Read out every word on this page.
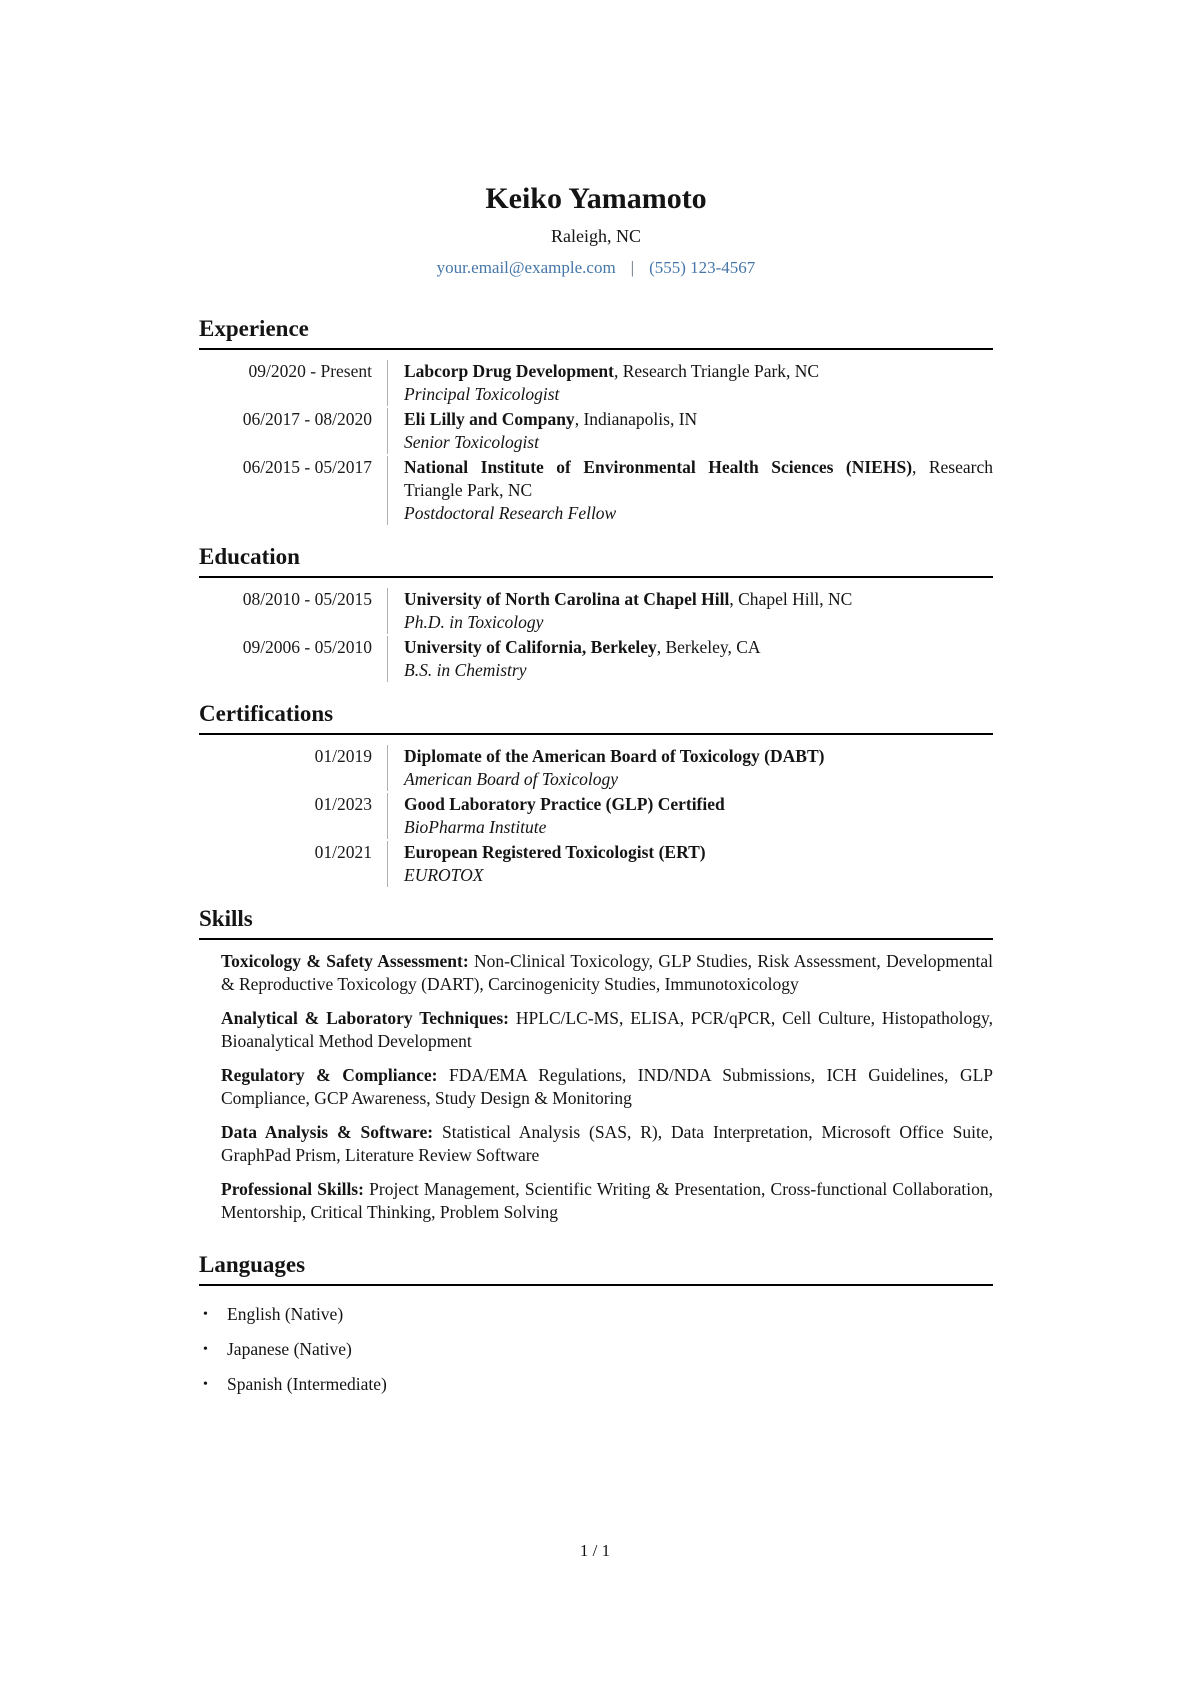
Keiko Yamamoto
Raleigh, NC
your.email@example.com | (555) 123-4567
Experience
09/2020 - Present Labcorp Drug Development, Research Triangle Park, NC
Principal Toxicologist
06/2017 - 08/2020 Eli Lilly and Company, Indianapolis, IN
Senior Toxicologist
06/2015 - 05/2017 National Institute of Environmental Health Sciences (NIEHS), Research Triangle Park, NC
Postdoctoral Research Fellow
Education
08/2010 - 05/2015 University of North Carolina at Chapel Hill, Chapel Hill, NC
Ph.D. in Toxicology
09/2006 - 05/2010 University of California, Berkeley, Berkeley, CA
B.S. in Chemistry
Certifications
01/2019 Diplomate of the American Board of Toxicology (DABT)
American Board of Toxicology
01/2023 Good Laboratory Practice (GLP) Certified
BioPharma Institute
01/2021 European Registered Toxicologist (ERT)
EUROTOX
Skills

Toxicology & Safety Assessment: Non-Clinical Toxicology, GLP Studies, Risk Assessment, Developmental & Reproductive Toxicology (DART), Carcinogenicity Studies, Immunotoxicology

Analytical & Laboratory Techniques: HPLC/LC-MS, ELISA, PCR/qPCR, Cell Culture, Histopathology, Bioanalytical Method Development

Regulatory & Compliance: FDA/EMA Regulations, IND/NDA Submissions, ICH Guidelines, GLP Compliance, GCP Awareness, Study Design & Monitoring

Data Analysis & Software: Statistical Analysis (SAS, R), Data Interpretation, Microsoft Office Suite, GraphPad Prism, Literature Review Software

Professional Skills: Project Management, Scientific Writing & Presentation, Cross-functional Collaboration, Mentorship, Critical Thinking, Problem Solving

Languages
•	English (Native)
•	Japanese (Native)
•	Spanish (Intermediate)
1 / 1
